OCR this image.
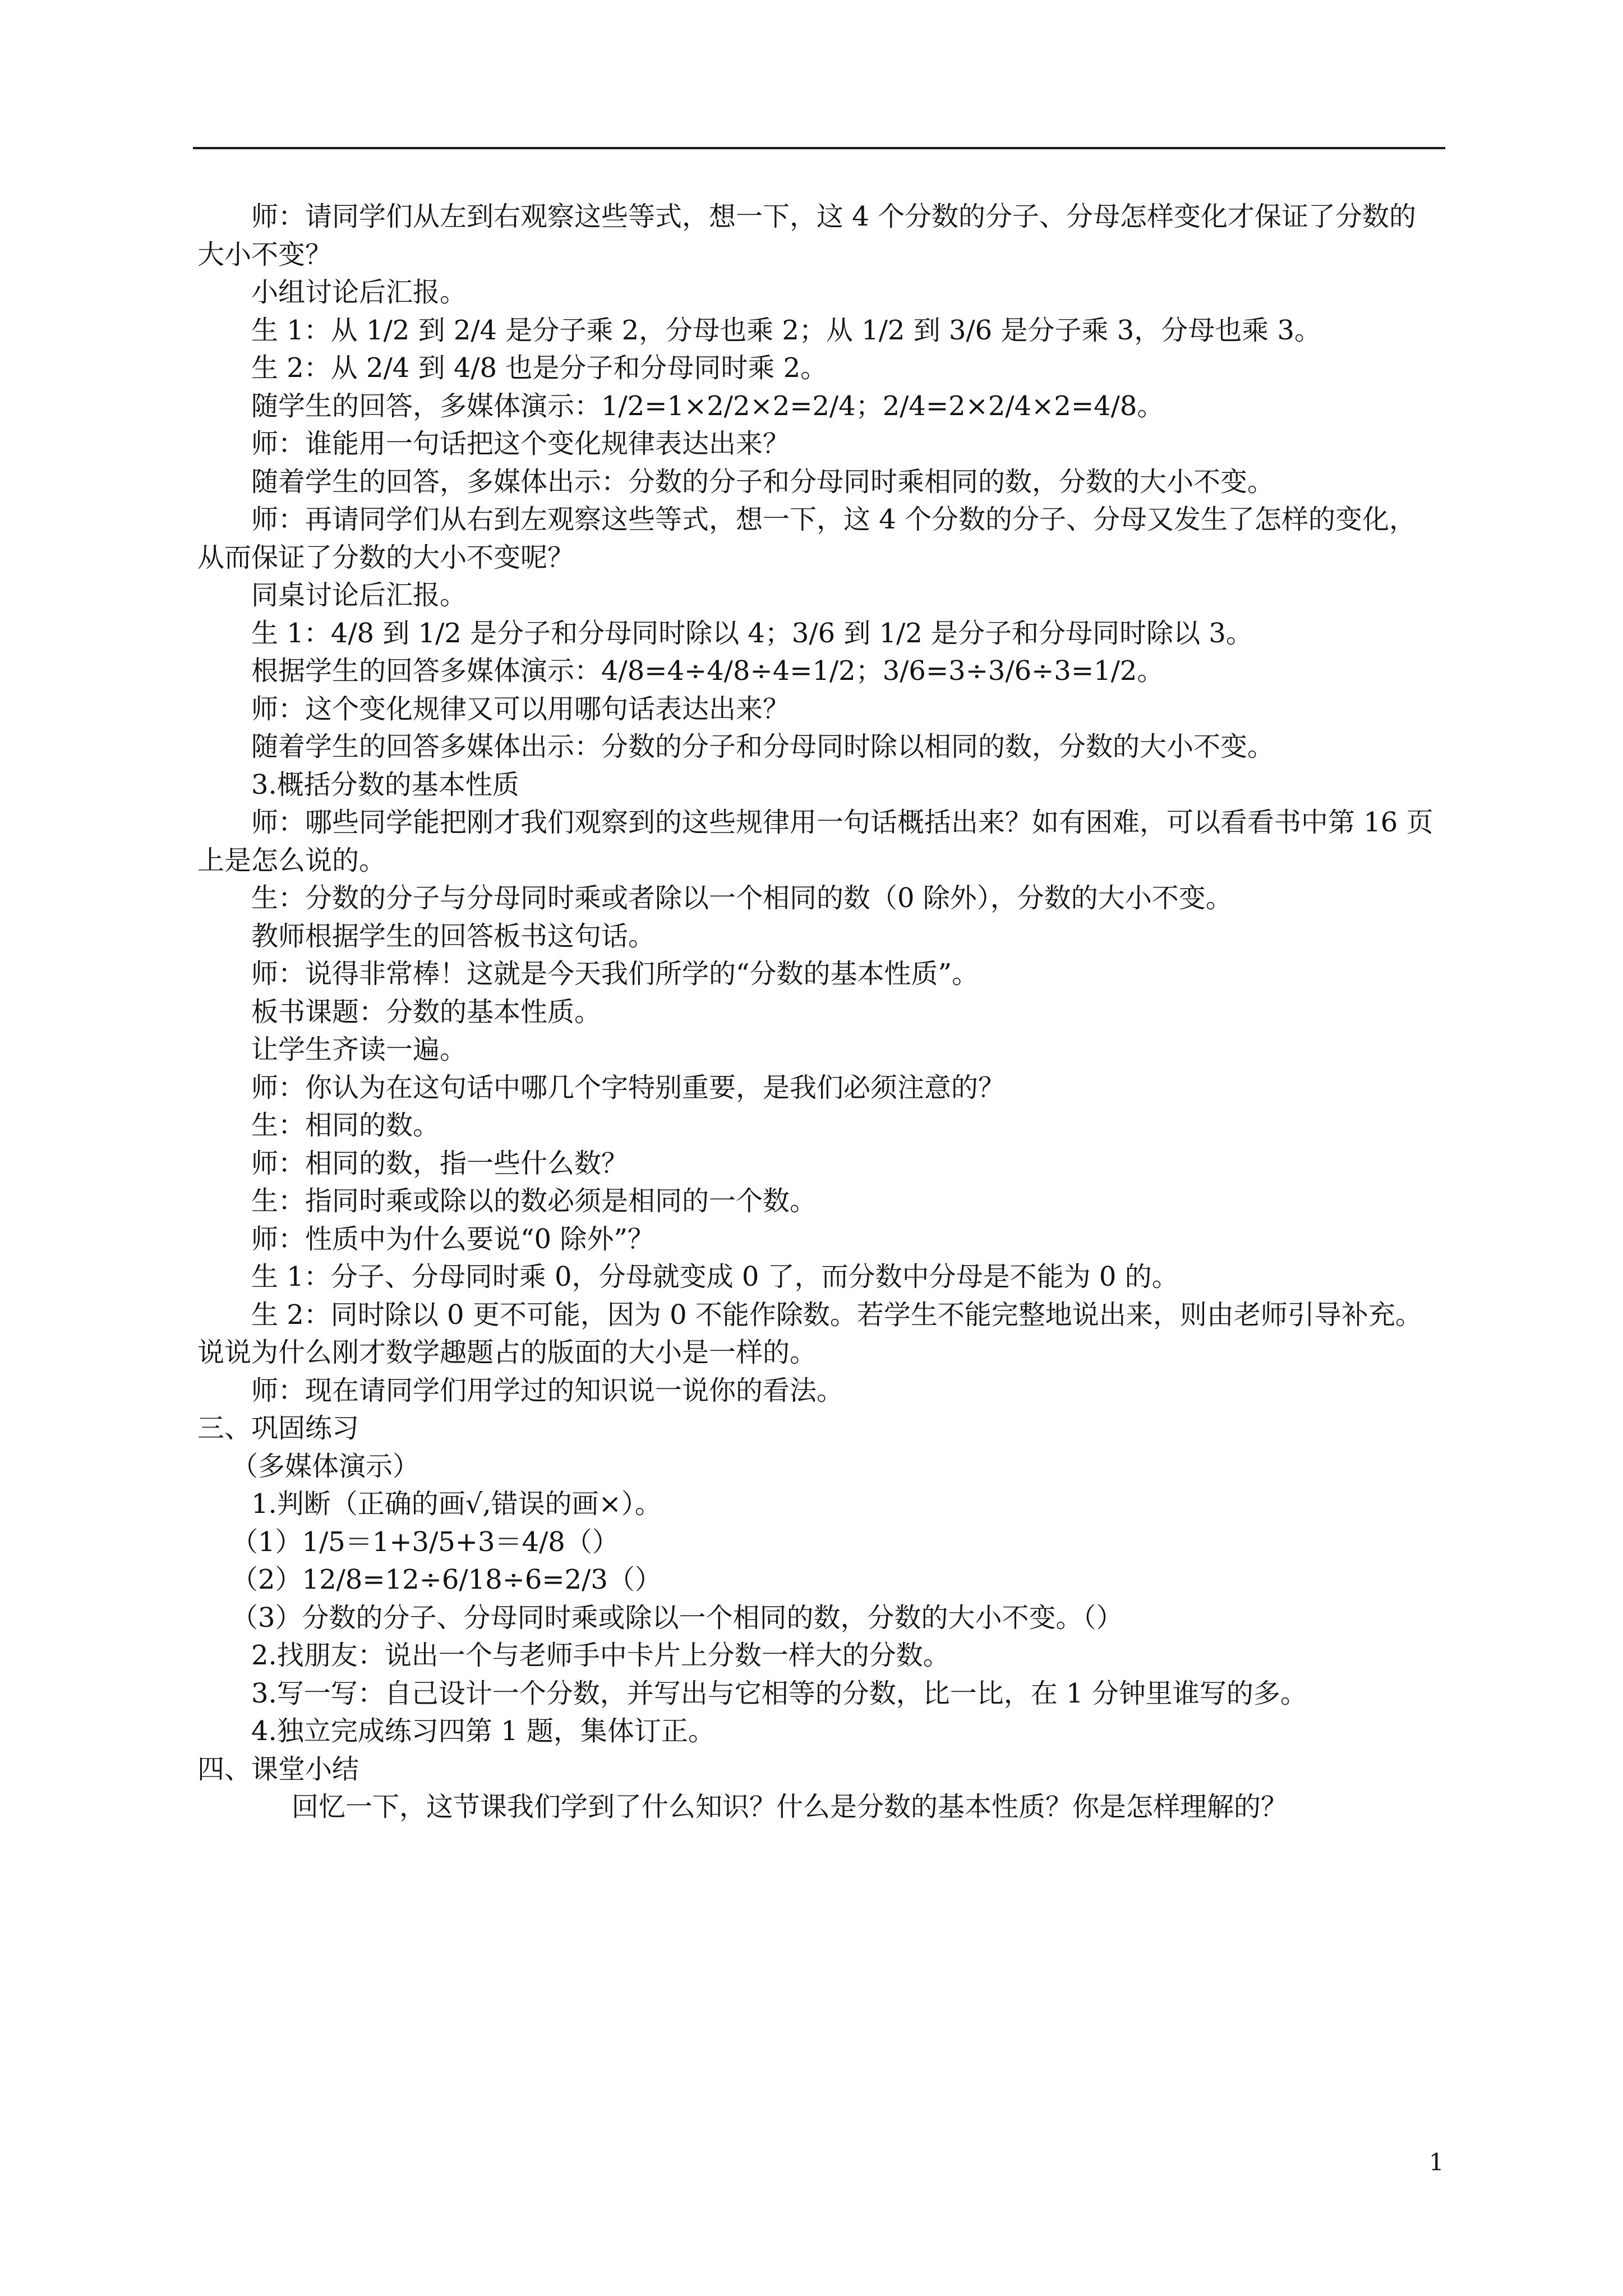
师：请同学们从左到右观察这些等式，想一下，这 4 个分数的分子、分母怎样变化才保证了分数的大小不变？

小组讨论后汇报。

生 1：从 1/2 到 2/4 是分子乘 2，分母也乘 2；从 1/2 到 3/6 是分子乘 3，分母也乘 3。

生 2：从 2/4 到 4/8 也是分子和分母同时乘 2。

随学生的回答，多媒体演示：1/2=1×2/2×2=2/4；2/4=2×2/4×2=4/8。

师：谁能用一句话把这个变化规律表达出来？

随着学生的回答，多媒体出示：分数的分子和分母同时乘相同的数，分数的大小不变。

师：再请同学们从右到左观察这些等式，想一下，这 4 个分数的分子、分母又发生了怎样的变化，从而保证了分数的大小不变呢？

同桌讨论后汇报。

生 1：4/8 到 1/2 是分子和分母同时除以 4；3/6 到 1/2 是分子和分母同时除以 3。

根据学生的回答多媒体演示：4/8=4÷4/8÷4=1/2；3/6=3÷3/6÷3=1/2。

师：这个变化规律又可以用哪句话表达出来？

随着学生的回答多媒体出示：分数的分子和分母同时除以相同的数，分数的大小不变。

3.概括分数的基本性质

师：哪些同学能把刚才我们观察到的这些规律用一句话概括出来？如有困难，可以看看书中第 16 页上是怎么说的。

生：分数的分子与分母同时乘或者除以一个相同的数（0 除外），分数的大小不变。

教师根据学生的回答板书这句话。

师：说得非常棒！这就是今天我们所学的“分数的基本性质”。

板书课题：分数的基本性质。

让学生齐读一遍。

师：你认为在这句话中哪几个字特别重要，是我们必须注意的？

生：相同的数。

师：相同的数，指一些什么数？

生：指同时乘或除以的数必须是相同的一个数。

师：性质中为什么要说“0 除外”？

生 1：分子、分母同时乘 0，分母就变成 0 了，而分数中分母是不能为 0 的。

生 2：同时除以 0 更不可能，因为 0 不能作除数。若学生不能完整地说出来，则由老师引导补充。说说为什么刚才数学趣题占的版面的大小是一样的。

师：现在请同学们用学过的知识说一说你的看法。

三、巩固练习

（多媒体演示）

1.判断（正确的画√,错误的画×）。

（1）1/5＝1+3/5+3＝4/8（）

（2）12/8=12÷6/18÷6=2/3（）

（3）分数的分子、分母同时乘或除以一个相同的数，分数的大小不变。（）

2.找朋友：说出一个与老师手中卡片上分数一样大的分数。

3.写一写：自己设计一个分数，并写出与它相等的分数，比一比，在 1 分钟里谁写的多。

4.独立完成练习四第 1 题，集体订正。

四、课堂小结

回忆一下，这节课我们学到了什么知识？什么是分数的基本性质？你是怎样理解的？

1
